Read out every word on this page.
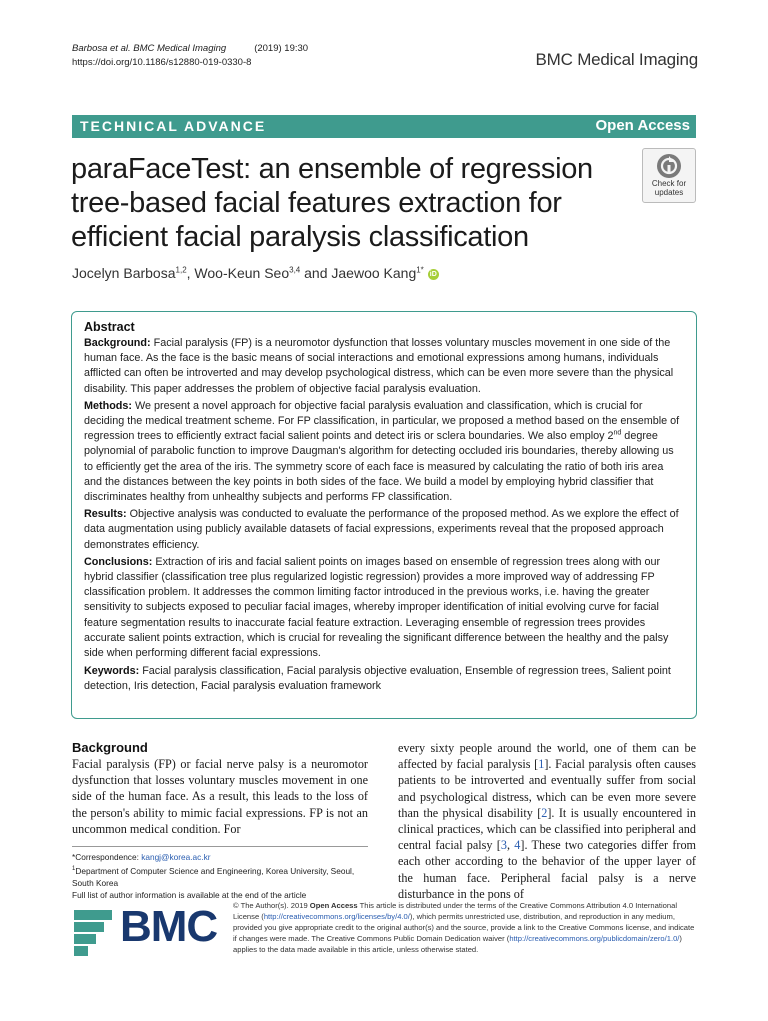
Barbosa et al. BMC Medical Imaging	(2019) 19:30
https://doi.org/10.1186/s12880-019-0330-8	BMC Medical Imaging
TECHNICAL ADVANCE	Open Access
paraFaceTest: an ensemble of regression tree-based facial features extraction for efficient facial paralysis classification
Check for
updates
Jocelyn Barbosa$^{1,2}$, Woo-Keun Seo$^{3,4}$ and Jaewoo Kang$^{1*}$ iD
Abstract

Background: Facial paralysis (FP) is a neuromotor dysfunction that losses voluntary muscles movement in one side of the human face. As the face is the basic means of social interactions and emotional expressions among humans, individuals afflicted can often be introverted and may develop psychological distress, which can be even more severe than the physical disability. This paper addresses the problem of objective facial paralysis evaluation.

Methods: We present a novel approach for objective facial paralysis evaluation and classification, which is crucial for deciding the medical treatment scheme. For FP classification, in particular, we proposed a method based on the ensemble of regression trees to efficiently extract facial salient points and detect iris or sclera boundaries. We also employ 2nd degree polynomial of parabolic function to improve Daugman's algorithm for detecting occluded iris boundaries, thereby allowing us to efficiently get the area of the iris. The symmetry score of each face is measured by calculating the ratio of both iris area and the distances between the key points in both sides of the face. We build a model by employing hybrid classifier that discriminates healthy from unhealthy subjects and performs FP classification.

Results: Objective analysis was conducted to evaluate the performance of the proposed method. As we explore the effect of data augmentation using publicly available datasets of facial expressions, experiments reveal that the proposed approach demonstrates efficiency.

Conclusions: Extraction of iris and facial salient points on images based on ensemble of regression trees along with our hybrid classifier (classification tree plus regularized logistic regression) provides a more improved way of addressing FP classification problem. It addresses the common limiting factor introduced in the previous works, i.e. having the greater sensitivity to subjects exposed to peculiar facial images, whereby improper identification of initial evolving curve for facial feature segmentation results to inaccurate facial feature extraction. Leveraging ensemble of regression trees provides accurate salient points extraction, which is crucial for revealing the significant difference between the healthy and the palsy side when performing different facial expressions.

Keywords: Facial paralysis classification, Facial paralysis objective evaluation, Ensemble of regression trees, Salient point detection, Iris detection, Facial paralysis evaluation framework

Background

Facial paralysis (FP) or facial nerve palsy is a neuromotor dysfunction that losses voluntary muscles movement in one side of the human face. As a result, this leads to the loss of the person's ability to mimic facial expressions. FP is not an uncommon medical condition. For

every sixty people around the world, one of them can be affected by facial paralysis [1]. Facial paralysis often causes patients to be introverted and eventually suffer from social and psychological distress, which can be even more severe than the physical disability [2]. It is usually encountered in clinical practices, which can be classified into peripheral and central facial palsy [3, 4]. These two categories differ from each other according to the behavior of the upper layer of the human face. Peripheral facial palsy is a nerve disturbance in the pons of

*Correspondence: kangj@korea.ac.kr
$^1$Department of Computer Science and Engineering, Korea University, Seoul, South Korea
Full list of author information is available at the end of the article
BMC © The Author(s). 2019 Open Access This article is distributed under the terms of the Creative Commons Attribution 4.0 International License (http://creativecommons.org/licenses/by/4.0/), which permits unrestricted use, distribution, and reproduction in any medium, provided you give appropriate credit to the original author(s) and the source, provide a link to the Creative Commons license, and indicate if changes were made. The Creative Commons Public Domain Dedication waiver (http://creativecommons.org/publicdomain/zero/1.0/) applies to the data made available in this article, unless otherwise stated.
